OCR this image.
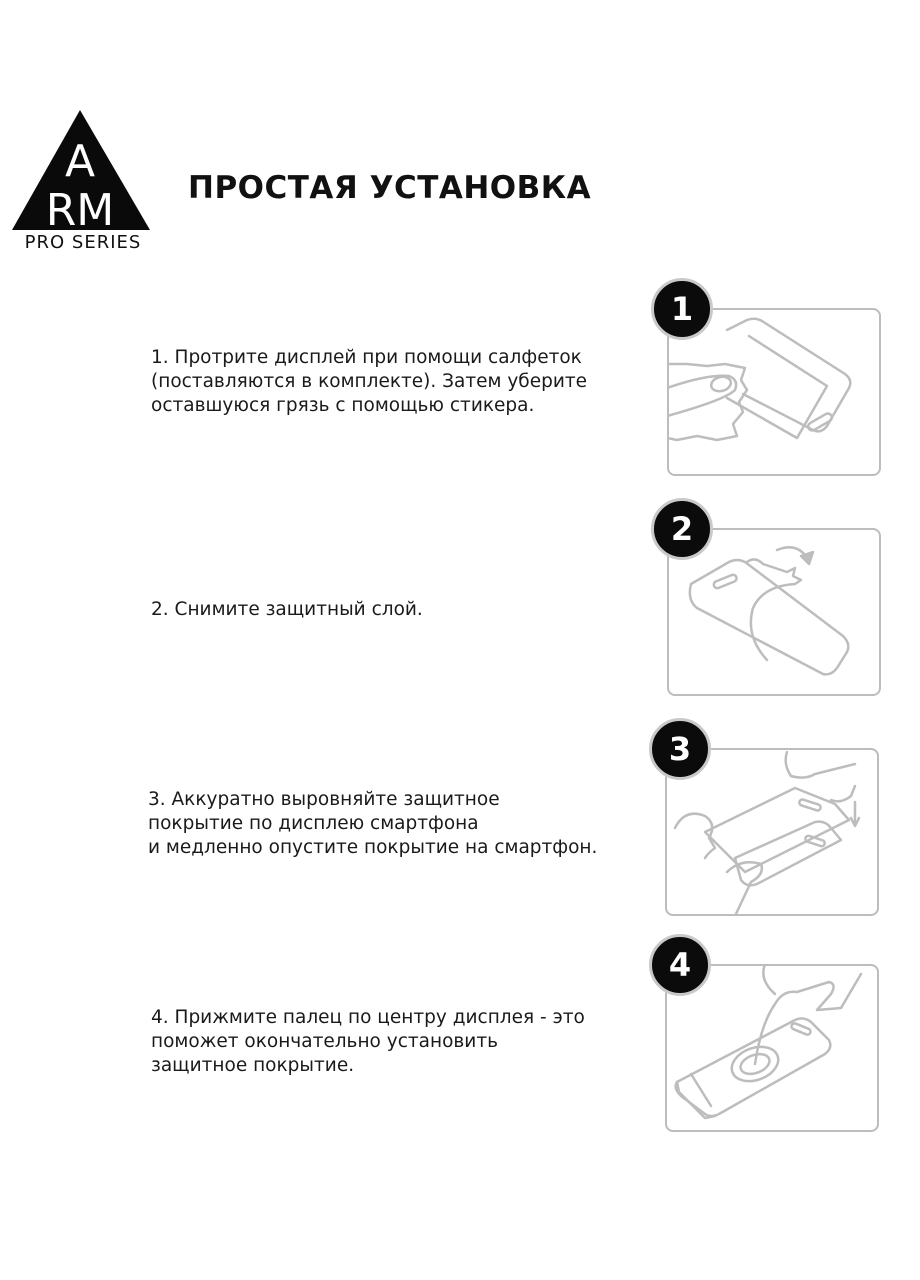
A
RM
PRO SERIES
ПРОСТАЯ УСТАНОВКА
1. Протрите дисплей при помощи салфеток
(поставляются в комплекте). Затем уберите
оставшуюся грязь с помощью стикера.
1
2. Снимите защитный слой.
2
3. Аккуратно выровняйте защитное
покрытие по дисплею смартфона
и медленно опустите покрытие на смартфон.
3
4. Прижмите палец по центру дисплея - это
поможет окончательно установить
защитное покрытие.
4
